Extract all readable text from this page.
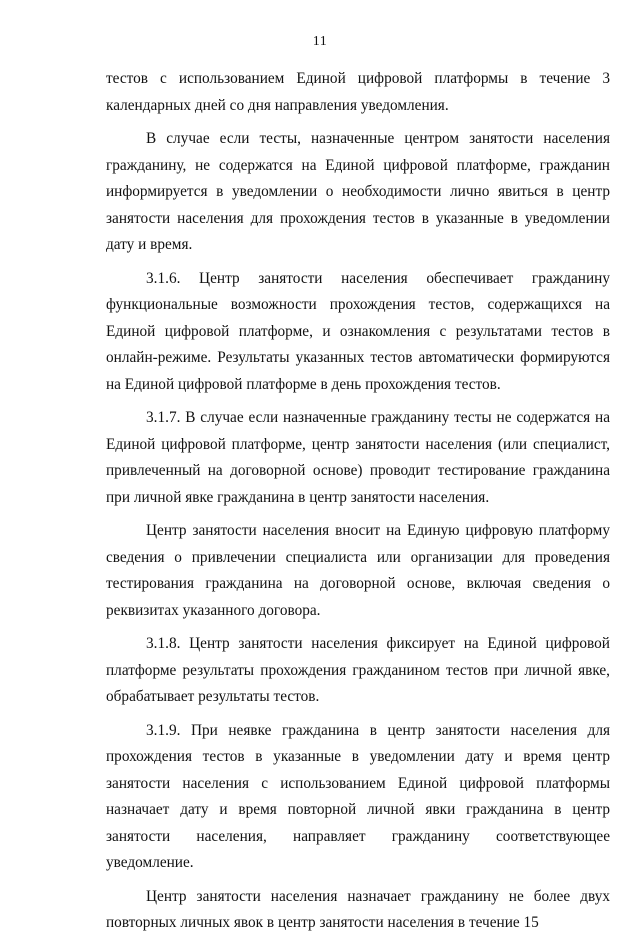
11

тестов с использованием Единой цифровой платформы в течение 3 календарных дней со дня направления уведомления.

В случае если тесты, назначенные центром занятости населения гражданину, не содержатся на Единой цифровой платформе, гражданин информируется в уведомлении о необходимости лично явиться в центр занятости населения для прохождения тестов в указанные в уведомлении дату и время.

3.1.6. Центр занятости населения обеспечивает гражданину функциональные возможности прохождения тестов, содержащихся на Единой цифровой платформе, и ознакомления с результатами тестов в онлайн-режиме. Результаты указанных тестов автоматически формируются на Единой цифровой платформе в день прохождения тестов.

3.1.7. В случае если назначенные гражданину тесты не содержатся на Единой цифровой платформе, центр занятости населения (или специалист, привлеченный на договорной основе) проводит тестирование гражданина при личной явке гражданина в центр занятости населения.

Центр занятости населения вносит на Единую цифровую платформу сведения о привлечении специалиста или организации для проведения тестирования гражданина на договорной основе, включая сведения о реквизитах указанного договора.

3.1.8. Центр занятости населения фиксирует на Единой цифровой платформе результаты прохождения гражданином тестов при личной явке, обрабатывает результаты тестов.

3.1.9. При неявке гражданина в центр занятости населения для прохождения тестов в указанные в уведомлении дату и время центр занятости населения с использованием Единой цифровой платформы назначает дату и время повторной личной явки гражданина в центр занятости населения, направляет гражданину соответствующее уведомление.

Центр занятости населения назначает гражданину не более двух повторных личных явок в центр занятости населения в течение 15
